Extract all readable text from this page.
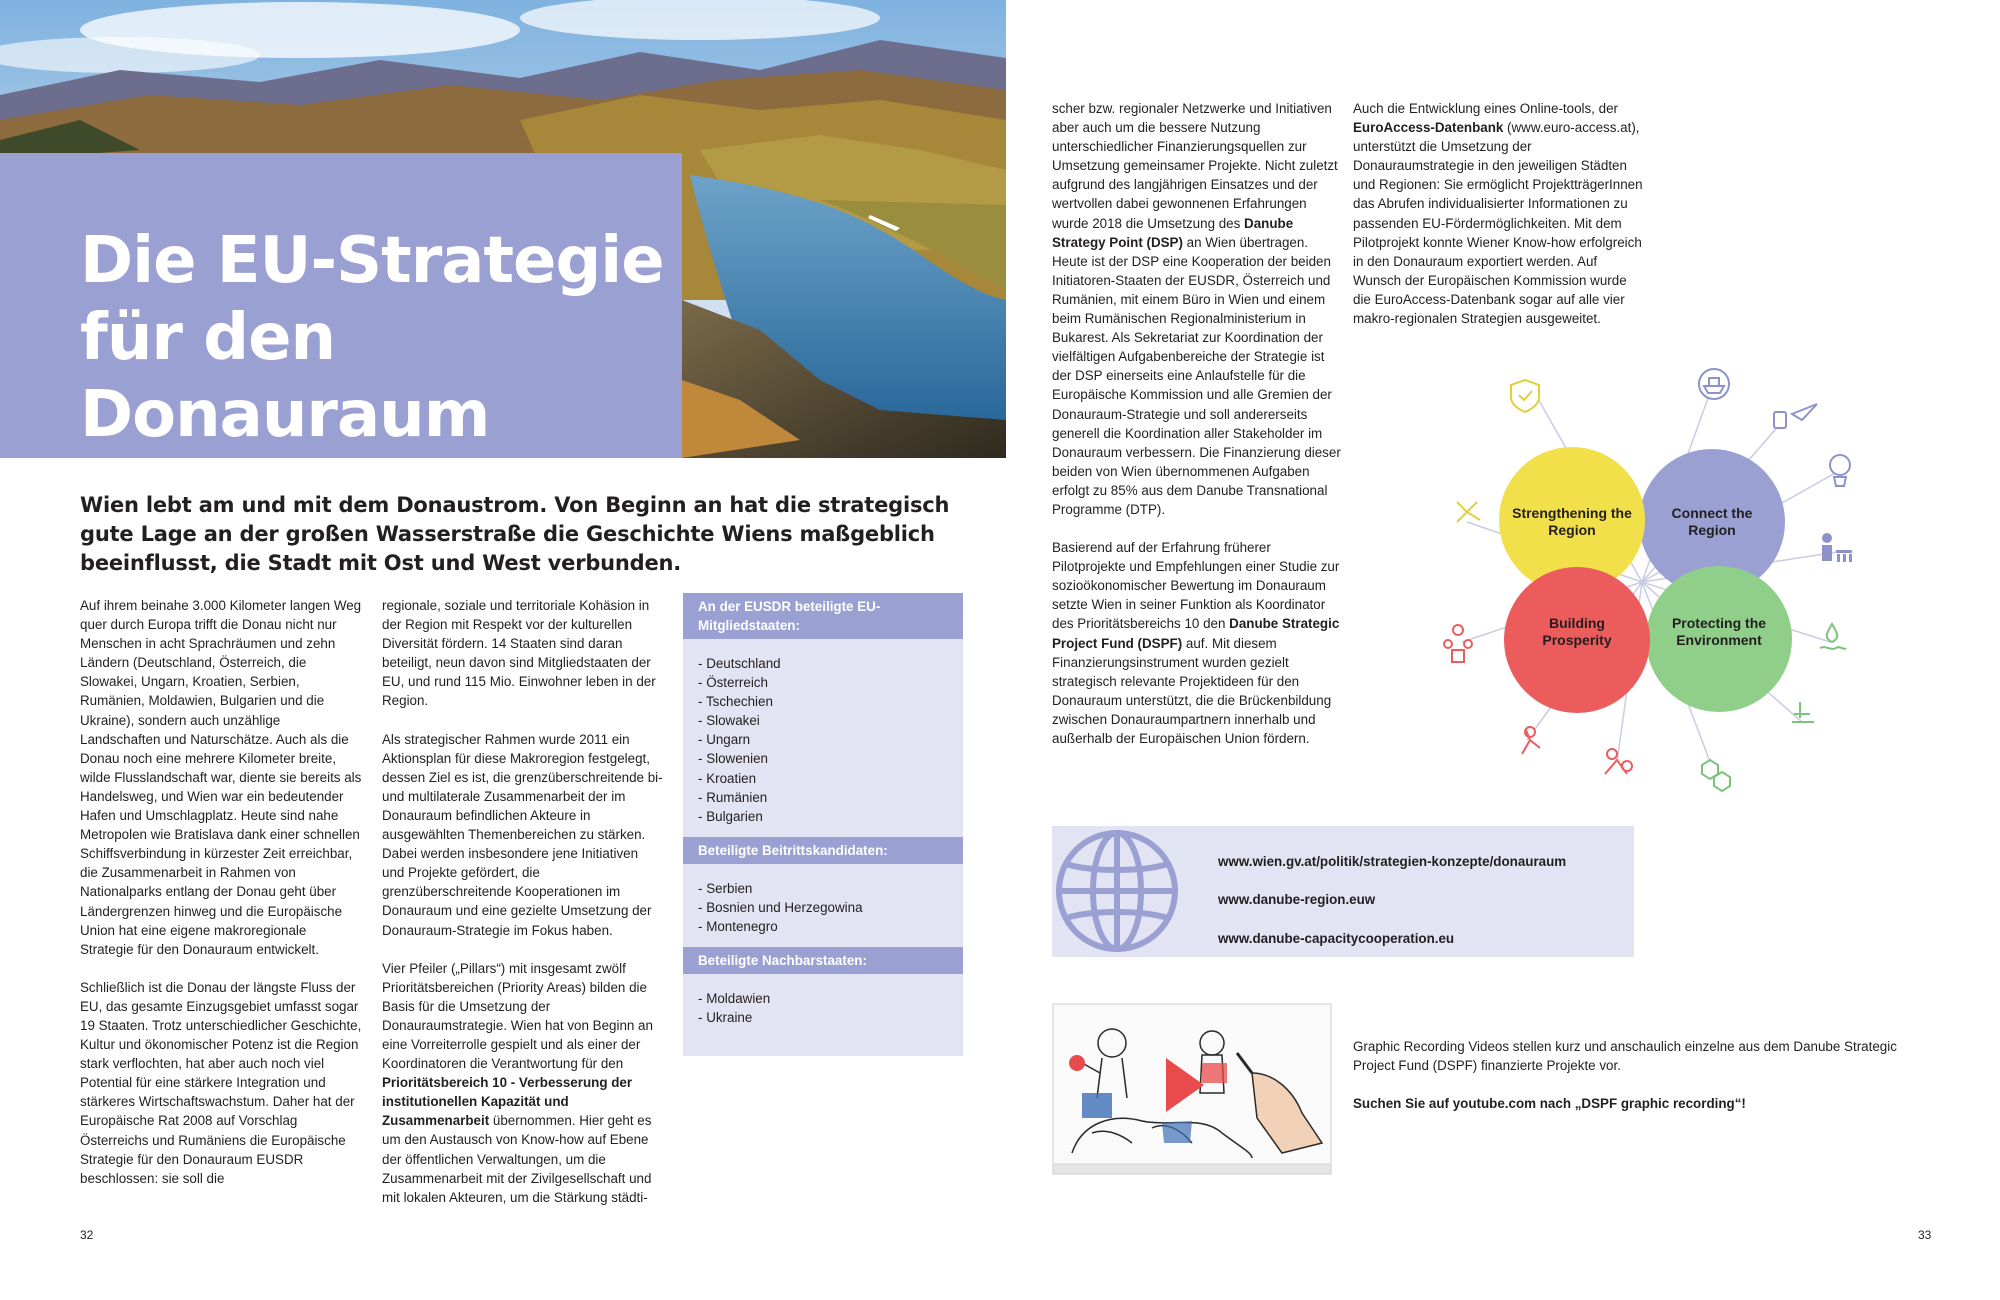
Die EU-Strategie
für den Donauraum

Wien lebt am und mit dem Donaustrom. Von Beginn an hat die strategisch gute Lage an der großen Wasserstraße die Geschichte Wiens maßgeblich beeinflusst, die Stadt mit Ost und West verbunden.

Auf ihrem beinahe 3.000 Kilometer langen Weg quer durch Europa trifft die Donau nicht nur Menschen in acht Sprachräumen und zehn Ländern (Deutschland, Österreich, die Slowakei, Ungarn, Kroatien, Serbien, Rumänien, Moldawien, Bulgarien und die Ukraine), sondern auch unzählige Landschaften und Naturschätze. Auch als die Donau noch eine mehrere Kilometer breite, wilde Flusslandschaft war, diente sie bereits als Handelsweg, und Wien war ein bedeutender Hafen und Umschlagplatz. Heute sind nahe Metropolen wie Bratislava dank einer schnellen Schiffsverbindung in kürzester Zeit erreichbar, die Zusammenarbeit in Rahmen von Nationalparks entlang der Donau geht über Ländergrenzen hinweg und die Europäische Union hat eine eigene makroregionale Strategie für den Donauraum entwickelt.

Schließlich ist die Donau der längste Fluss der EU, das gesamte Einzugsgebiet umfasst sogar 19 Staaten. Trotz unterschiedlicher Geschichte, Kultur und ökonomischer Potenz ist die Region stark verflochten, hat aber auch noch viel Potential für eine stärkere Integration und stärkeres Wirtschaftswachstum. Daher hat der Europäische Rat 2008 auf Vorschlag Österreichs und Rumäniens die Europäische Strategie für den Donauraum EUSDR beschlossen: sie soll die

regionale, soziale und territoriale Kohäsion in der Region mit Respekt vor der kulturellen Diversität fördern. 14 Staaten sind daran beteiligt, neun davon sind Mitgliedstaaten der EU, und rund 115 Mio. Einwohner leben in der Region.

Als strategischer Rahmen wurde 2011 ein Aktionsplan für diese Makroregion festgelegt, dessen Ziel es ist, die grenzüberschreitende bi- und multilaterale Zusammenarbeit der im Donauraum befindlichen Akteure in ausgewählten Themenbereichen zu stärken. Dabei werden insbesondere jene Initiativen und Projekte gefördert, die grenzüberschreitende Kooperationen im Donauraum und eine gezielte Umsetzung der Donauraum-Strategie im Fokus haben.

Vier Pfeiler („Pillars“) mit insgesamt zwölf Prioritätsbereichen (Priority Areas) bilden die Basis für die Umsetzung der Donauraumstrategie. Wien hat von Beginn an eine Vorreiterrolle gespielt und als einer der Koordinatoren die Verantwortung für den Prioritätsbereich 10 - Verbesserung der institutionellen Kapazität und Zusammenarbeit übernommen. Hier geht es um den Austausch von Know-how auf Ebene der öffentlichen Verwaltungen, um die Zusammenarbeit mit der Zivilgesellschaft und mit lokalen Akteuren, um die Stärkung städti-

An der EUSDR beteiligte EU-Mitgliedstaaten:
- Deutschland
- Österreich
- Tschechien
- Slowakei
- Ungarn
- Slowenien
- Kroatien
- Rumänien
- Bulgarien
Beteiligte Beitrittskandidaten:
- Serbien
- Bosnien und Herzegowina
- Montenegro
Beteiligte Nachbarstaaten:
- Moldawien
- Ukraine
32

scher bzw. regionaler Netzwerke und Initiativen aber auch um die bessere Nutzung unterschiedlicher Finanzierungsquellen zur Umsetzung gemeinsamer Projekte. Nicht zuletzt aufgrund des langjährigen Einsatzes und der wertvollen dabei gewonnenen Erfahrungen wurde 2018 die Umsetzung des Danube Strategy Point (DSP) an Wien übertragen. Heute ist der DSP eine Kooperation der beiden Initiatoren-Staaten der EUSDR, Österreich und Rumänien, mit einem Büro in Wien und einem beim Rumänischen Regionalministerium in Bukarest. Als Sekretariat zur Koordination der vielfältigen Aufgabenbereiche der Strategie ist der DSP einerseits eine Anlaufstelle für die Europäische Kommission und alle Gremien der Donauraum-Strategie und soll andererseits generell die Koordination aller Stakeholder im Donauraum verbessern. Die Finanzierung dieser beiden von Wien übernommenen Aufgaben erfolgt zu 85% aus dem Danube Transnational Programme (DTP).

Basierend auf der Erfahrung früherer Pilotprojekte und Empfehlungen einer Studie zur sozioökonomischer Bewertung im Donauraum setzte Wien in seiner Funktion als Koordinator des Prioritätsbereichs 10 den Danube Strategic Project Fund (DSPF) auf. Mit diesem Finanzierungsinstrument wurden gezielt strategisch relevante Projektideen für den Donauraum unterstützt, die die Brückenbildung zwischen Donauraumpartnern innerhalb und außerhalb der Europäischen Union fördern.

Auch die Entwicklung eines Online-tools, der EuroAccess-Datenbank (www.euro-access.at), unterstützt die Umsetzung der Donauraumstrategie in den jeweiligen Städten und Regionen: Sie ermöglicht ProjektträgerInnen das Abrufen individualisierter Informationen zu passenden EU-Fördermöglichkeiten. Mit dem Pilotprojekt konnte Wiener Know-how erfolgreich in den Donauraum exportiert werden. Auf Wunsch der Europäischen Kommission wurde die EuroAccess-Datenbank sogar auf alle vier makro-regionalen Strategien ausgeweitet.

Strengthening the
Region
Connect the
Region
Building
Prosperity
Protecting the
Environment
www.wien.gv.at/politik/strategien-konzepte/donauraum
www.danube-region.euw
www.danube-capacitycooperation.eu

Graphic Recording Videos stellen kurz und anschaulich einzelne aus dem Danube Strategic Project Fund (DSPF) finanzierte Projekte vor.

Suchen Sie auf youtube.com nach „DSPF graphic recording“!

33
